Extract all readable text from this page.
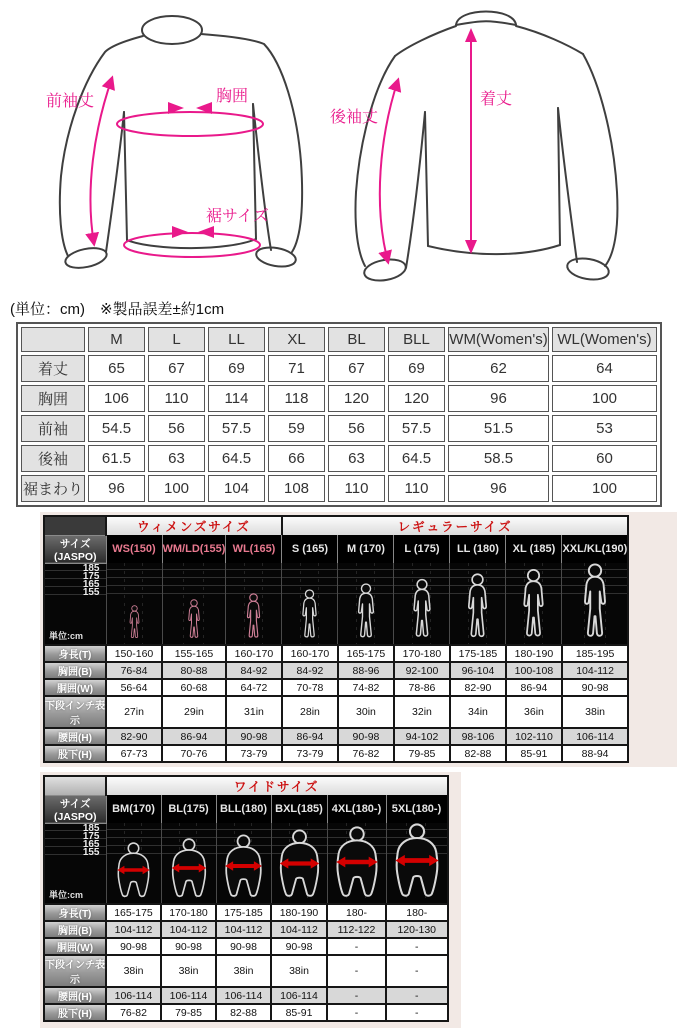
胸囲
裾サイズ
前袖丈	着丈
後袖丈
(単位：cm)　※製品誤差±約1cm
	M	L	LL	XL	BL	BLL	WM(Women's)	WL(Women's)
着丈	65	67	69	71	67	69	62	64
胸囲	106	110	114	118	120	120	96	100
前袖	54.5	56	57.5	59	56	57.5	51.5	53
後袖	61.5	63	64.5	66	63	64.5	58.5	60
裾まわり	96	100	104	108	110	110	96	100
	ウィメンズサイズ			レギュラーサイズ					
サイズ(JASPO)	WS(150)	WM/LD(155)	WL(165)	S (165)	M (170)	L (175)	LL (180)	XL (185)	XXL/KL(190)

185
175
165
155
単位:cm

身長(T)	150-160	155-165	160-170	160-170	165-175	170-180	175-185	180-190	185-195
胸囲(B)	76-84	80-88	84-92	84-92	88-96	92-100	96-104	100-108	104-112
胴囲(W)	56-64	60-68	64-72	70-78	74-82	78-86	82-90	86-94	90-98
下段インチ表示	27in	29in	31in	28in	30in	32in	34in	36in	38in
腰囲(H)	82-90	86-94	90-98	86-94	90-98	94-102	98-106	102-110	106-114
股下(H)	67-73	70-76	73-79	73-79	76-82	79-85	82-88	85-91	88-94
	ワイドサイズ					
サイズ(JASPO)	BM(170)	BL(175)	BLL(180)	BXL(185)	4XL(180-)	5XL(180-)

185
175
165
155
単位:cm

身長(T)	165-175	170-180	175-185	180-190	180-	180-
胸囲(B)	104-112	104-112	104-112	104-112	112-122	120-130
胴囲(W)	90-98	90-98	90-98	90-98	-	-
下段インチ表示	38in	38in	38in	38in	-	-
腰囲(H)	106-114	106-114	106-114	106-114	-	-
股下(H)	76-82	79-85	82-88	85-91	-	-
